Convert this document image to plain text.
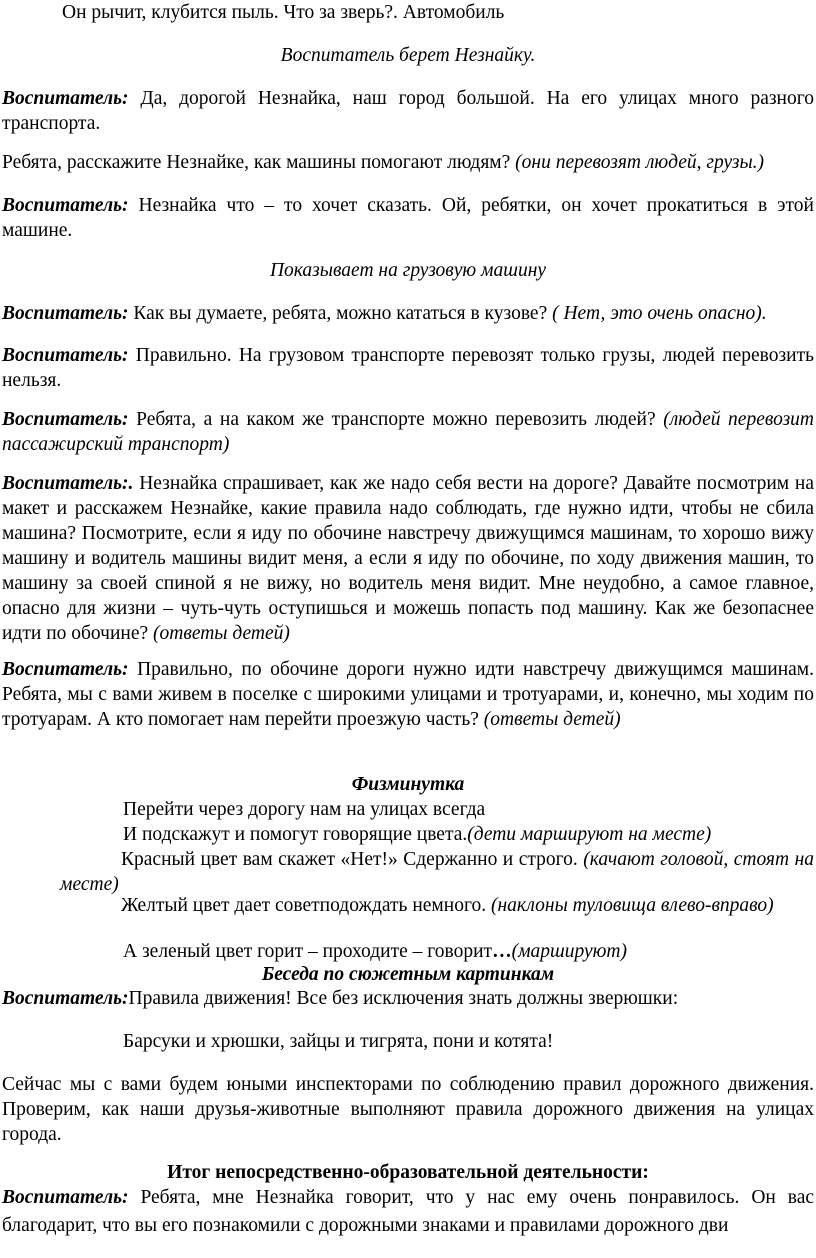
Он рычит, клубится пыль. Что за зверь?. Автомобиль

Воспитатель берет Незнайку.

Воспитатель: Да, дорогой Незнайка, наш город большой. На его улицах много разного транспорта.

Ребята, расскажите Незнайке, как машины помогают людям? (они перевозят людей, грузы.)

Воспитатель: Незнайка что – то хочет сказать. Ой, ребятки, он хочет прокатиться в этой машине.

Показывает на грузовую машину

Воспитатель: Как вы думаете, ребята, можно кататься в кузове? ( Нет, это очень опасно).

Воспитатель: Правильно. На грузовом транспорте перевозят только грузы, людей перевозить нельзя.

Воспитатель: Ребята, а на каком же транспорте можно перевозить людей? (людей перевозит пассажирский транспорт)

Воспитатель:. Незнайка спрашивает, как же надо себя вести на дороге? Давайте посмотрим на макет и расскажем Незнайке, какие правила надо соблюдать, где нужно идти, чтобы не сбила машина? Посмотрите, если я иду по обочине навстречу движущимся машинам, то хорошо вижу машину и водитель машины видит меня, а если я иду по обочине, по ходу движения машин, то машину за своей спиной я не вижу, но водитель меня видит. Мне неудобно, а самое главное, опасно для жизни – чуть-чуть оступишься и можешь попасть под машину. Как же безопаснее идти по обочине? (ответы детей)

Воспитатель: Правильно, по обочине дороги нужно идти навстречу движущимся машинам. Ребята, мы с вами живем в поселке с широкими улицами и тротуарами, и, конечно, мы ходим по тротуарам. А кто помогает нам перейти проезжую часть? (ответы детей)

Физминутка

Перейти через дорогу нам на улицах всегда

И подскажут и помогут говорящие цвета.(дети маршируют на месте)

Красный цвет вам скажет «Нет!» Сдержанно и строго. (качают головой, стоят на месте)

Желтый цвет дает советподождать немного. (наклоны туловища влево-вправо)

А зеленый цвет горит – проходите – говорит…(маршируют)

Беседа по сюжетным картинкам

Воспитатель:Правила движения! Все без исключения знать должны зверюшки:

Барсуки и хрюшки, зайцы и тигрята, пони и котята!

Сейчас мы с вами будем юными инспекторами по соблюдению правил дорожного движения. Проверим, как наши друзья-животные выполняют правила дорожного движения на улицах города.

Итог непосредственно-образовательной деятельности:

Воспитатель: Ребята, мне Незнайка говорит, что у нас ему очень понравилось. Он вас благодарит, что вы его познакомили с дорожными знаками и правилами дорожного дви
